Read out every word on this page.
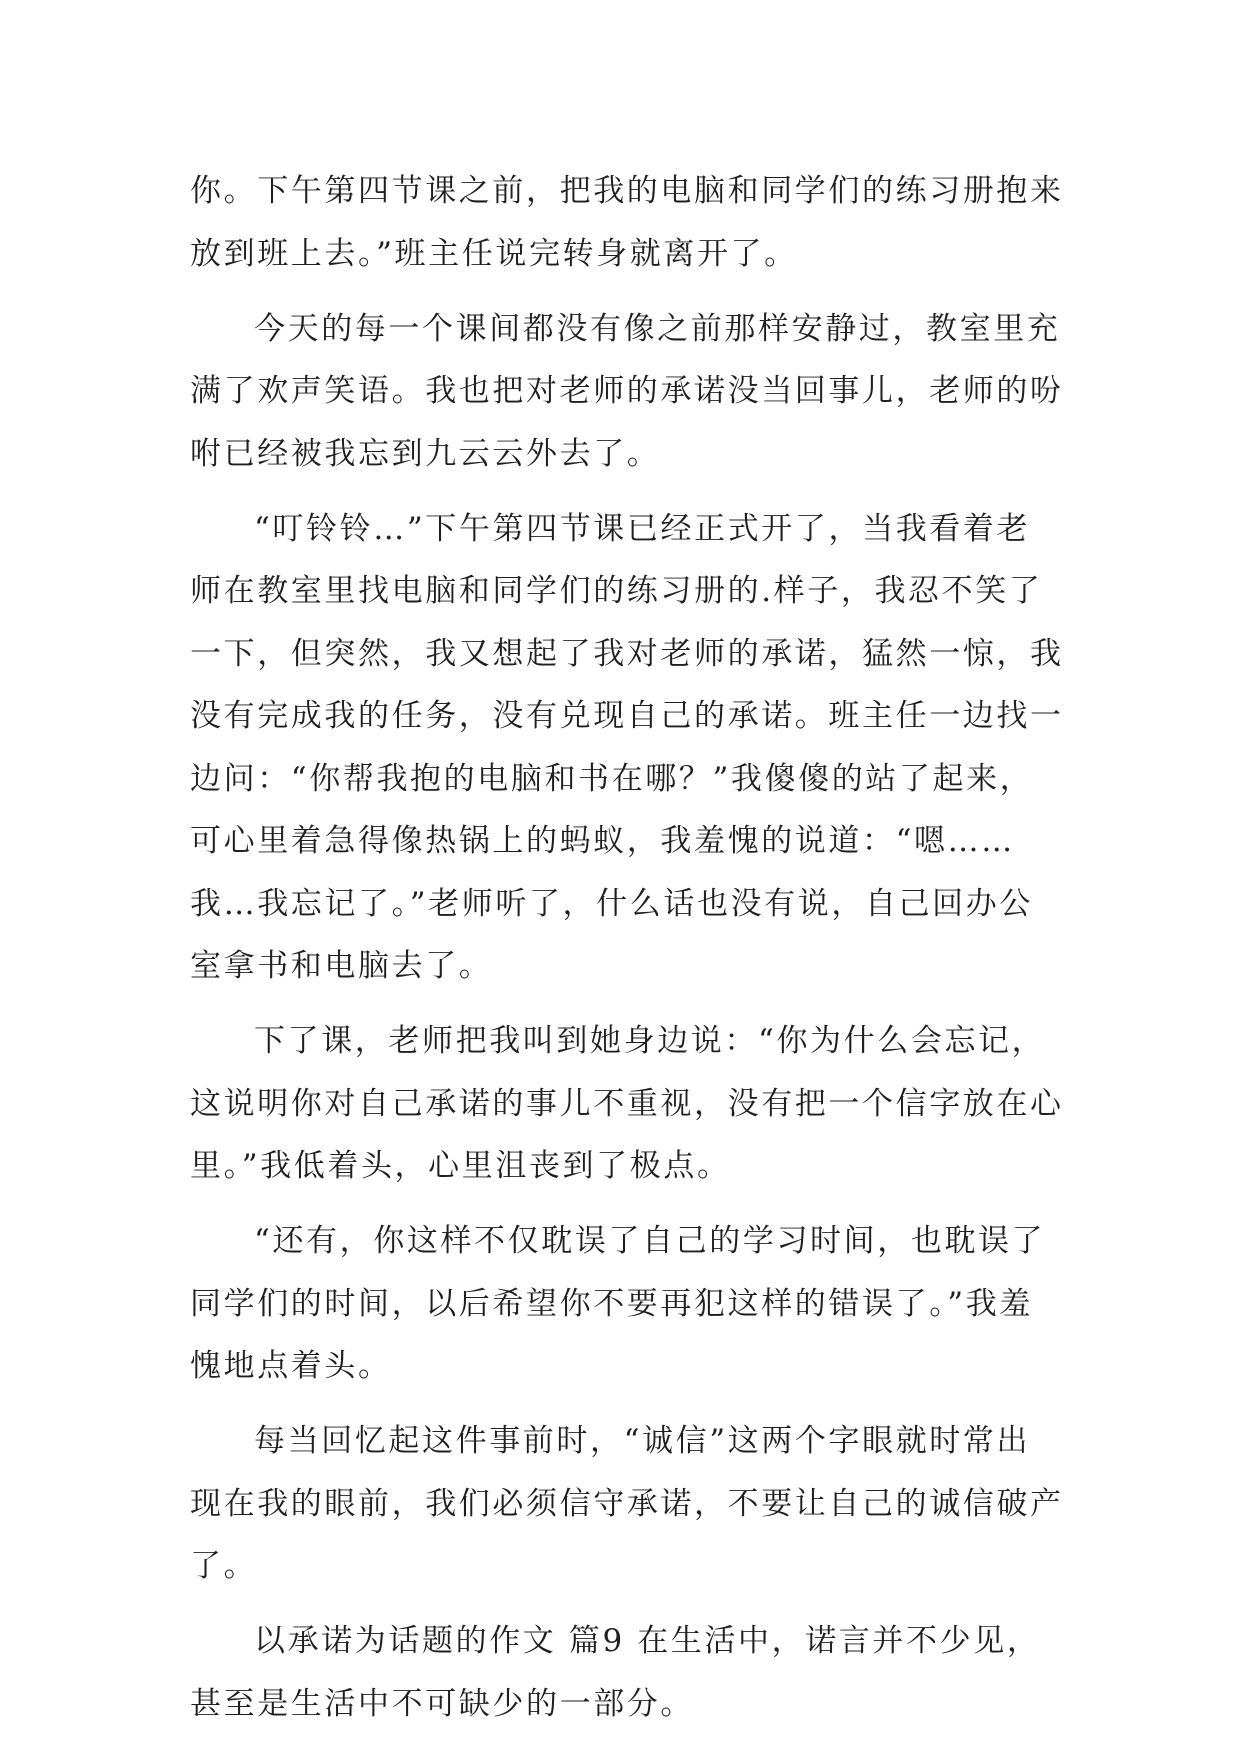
你。下午第四节课之前，把我的电脑和同学们的练习册抱来
放到班上去。”班主任说完转身就离开了。
今天的每一个课间都没有像之前那样安静过，教室里充
满了欢声笑语。我也把对老师的承诺没当回事儿，老师的吩
咐已经被我忘到九云云外去了。
“叮铃铃…”下午第四节课已经正式开了，当我看着老
师在教室里找电脑和同学们的练习册的.样子，我忍不笑了
一下，但突然，我又想起了我对老师的承诺，猛然一惊，我
没有完成我的任务，没有兑现自己的承诺。班主任一边找一
边问：“你帮我抱的电脑和书在哪？”我傻傻的站了起来，
可心里着急得像热锅上的蚂蚁，我羞愧的说道：“嗯……
我…我忘记了。”老师听了，什么话也没有说，自己回办公
室拿书和电脑去了。
下了课，老师把我叫到她身边说：“你为什么会忘记，
这说明你对自己承诺的事儿不重视，没有把一个信字放在心
里。”我低着头，心里沮丧到了极点。
“还有，你这样不仅耽误了自己的学习时间，也耽误了
同学们的时间，以后希望你不要再犯这样的错误了。”我羞
愧地点着头。
每当回忆起这件事前时，“诚信”这两个字眼就时常出
现在我的眼前，我们必须信守承诺，不要让自己的诚信破产
了。
以承诺为话题的作文 篇9 在生活中，诺言并不少见，
甚至是生活中不可缺少的一部分。
